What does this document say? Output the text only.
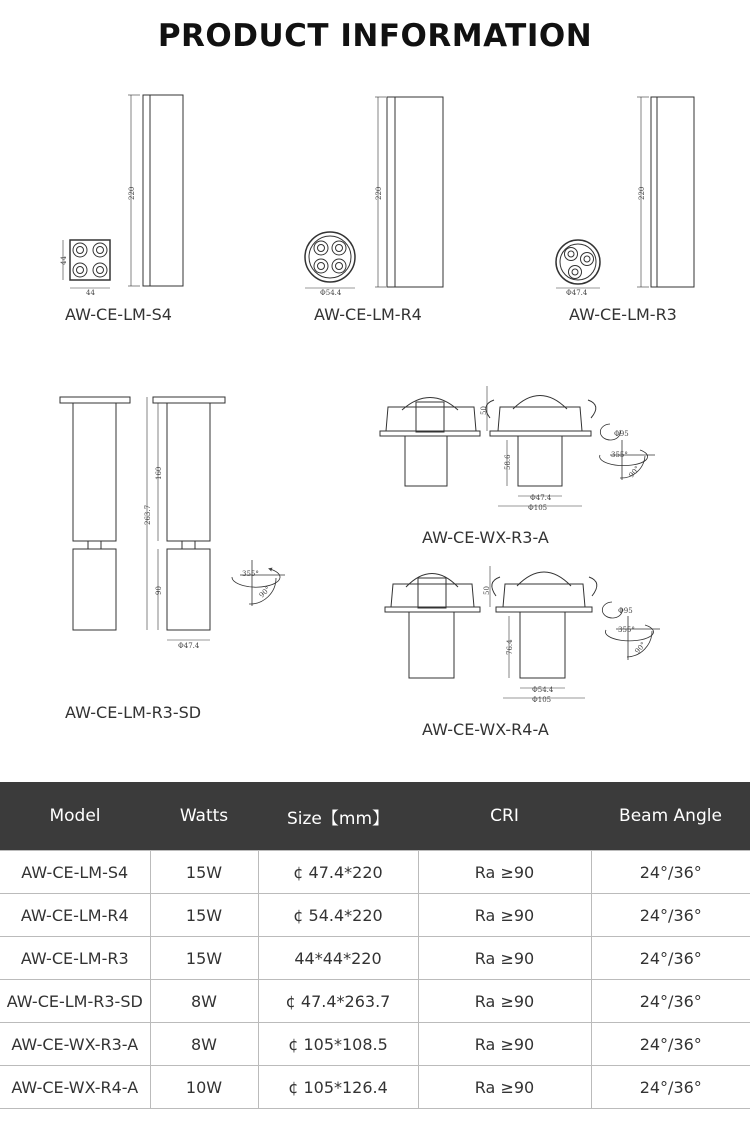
PRODUCT INFORMATION
220
44
44
220
Φ54.4
220
Φ47.4
263.7
160
90
Φ47.4
355°
90°
50
58.6
Φ47.4
Φ105
Φ95
355°
90°
50
76.4
Φ54.4
Φ105
Φ95
355°
90°
AW-CE-LM-S4	AW-CE-LM-R4	AW-CE-LM-R3
AW-CE-LM-R3-SD
AW-CE-WX-R3-A
AW-CE-WX-R4-A
Model	Watts	Size【mm】	CRI	Beam Angle
AW-CE-LM-S4	15W	¢ 47.4*220	Ra ≥90	24°/36°
AW-CE-LM-R4	15W	¢ 54.4*220	Ra ≥90	24°/36°
AW-CE-LM-R3	15W	44*44*220	Ra ≥90	24°/36°
AW-CE-LM-R3-SD	8W	¢ 47.4*263.7	Ra ≥90	24°/36°
AW-CE-WX-R3-A	8W	¢ 105*108.5	Ra ≥90	24°/36°
AW-CE-WX-R4-A	10W	¢ 105*126.4	Ra ≥90	24°/36°
